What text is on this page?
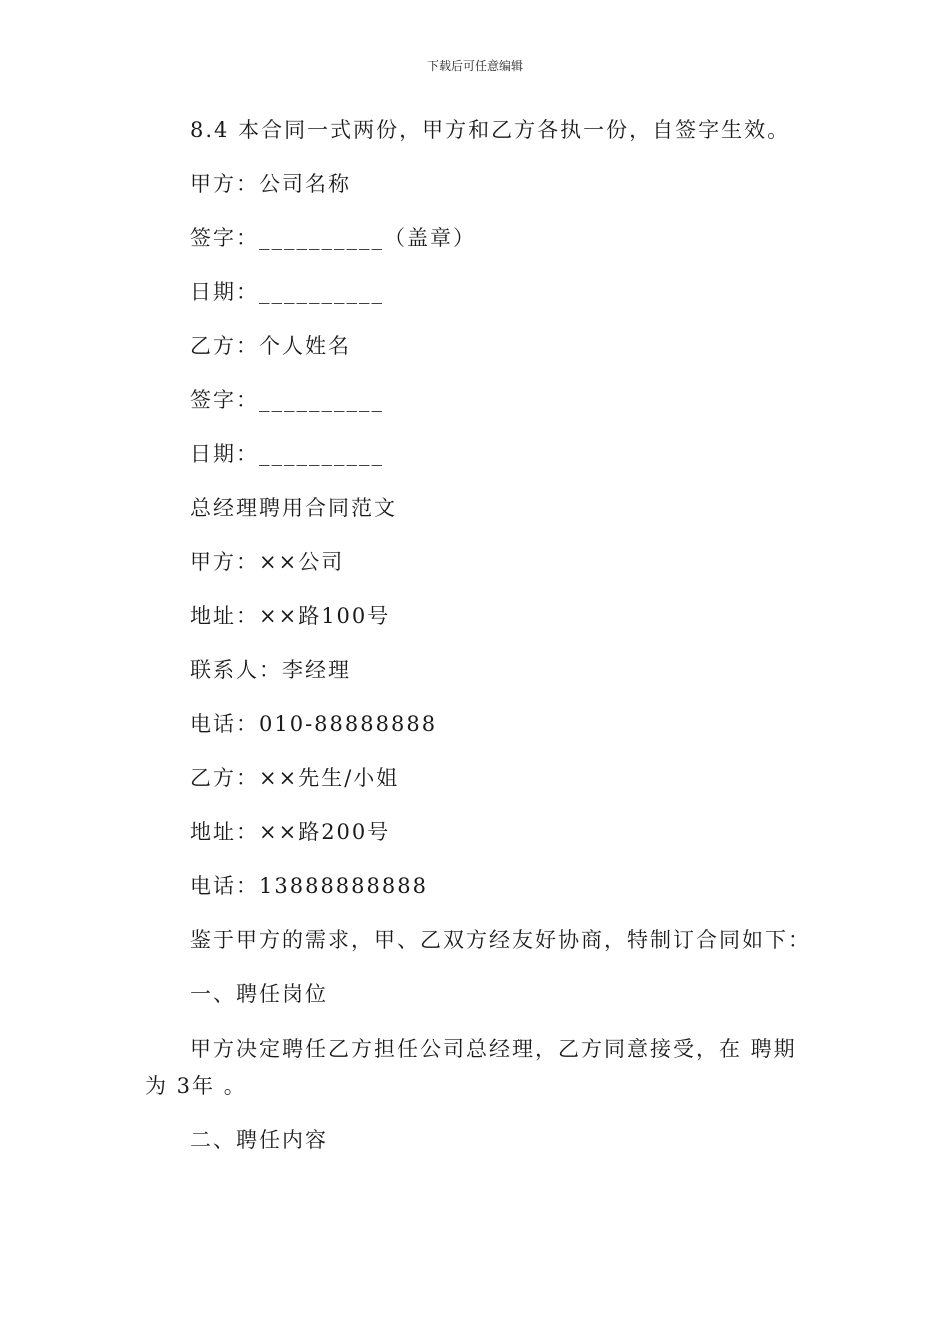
下载后可任意编辑
8.4 本合同一式两份，甲方和乙方各执一份，自签字生效。
甲方：公司名称
签字：__________（盖章）
日期：__________
乙方：个人姓名
签字：__________
日期：__________
总经理聘用合同范文
甲方：××公司
地址：××路100号
联系人：李经理
电话：010-88888888
乙方：××先生/小姐
地址：××路200号
电话：13888888888
鉴于甲方的需求，甲、乙双方经友好协商，特制订合同如下：
一、聘任岗位
甲方决定聘任乙方担任公司总经理，乙方同意接受，在 聘期为 3年 。
二、聘任内容
